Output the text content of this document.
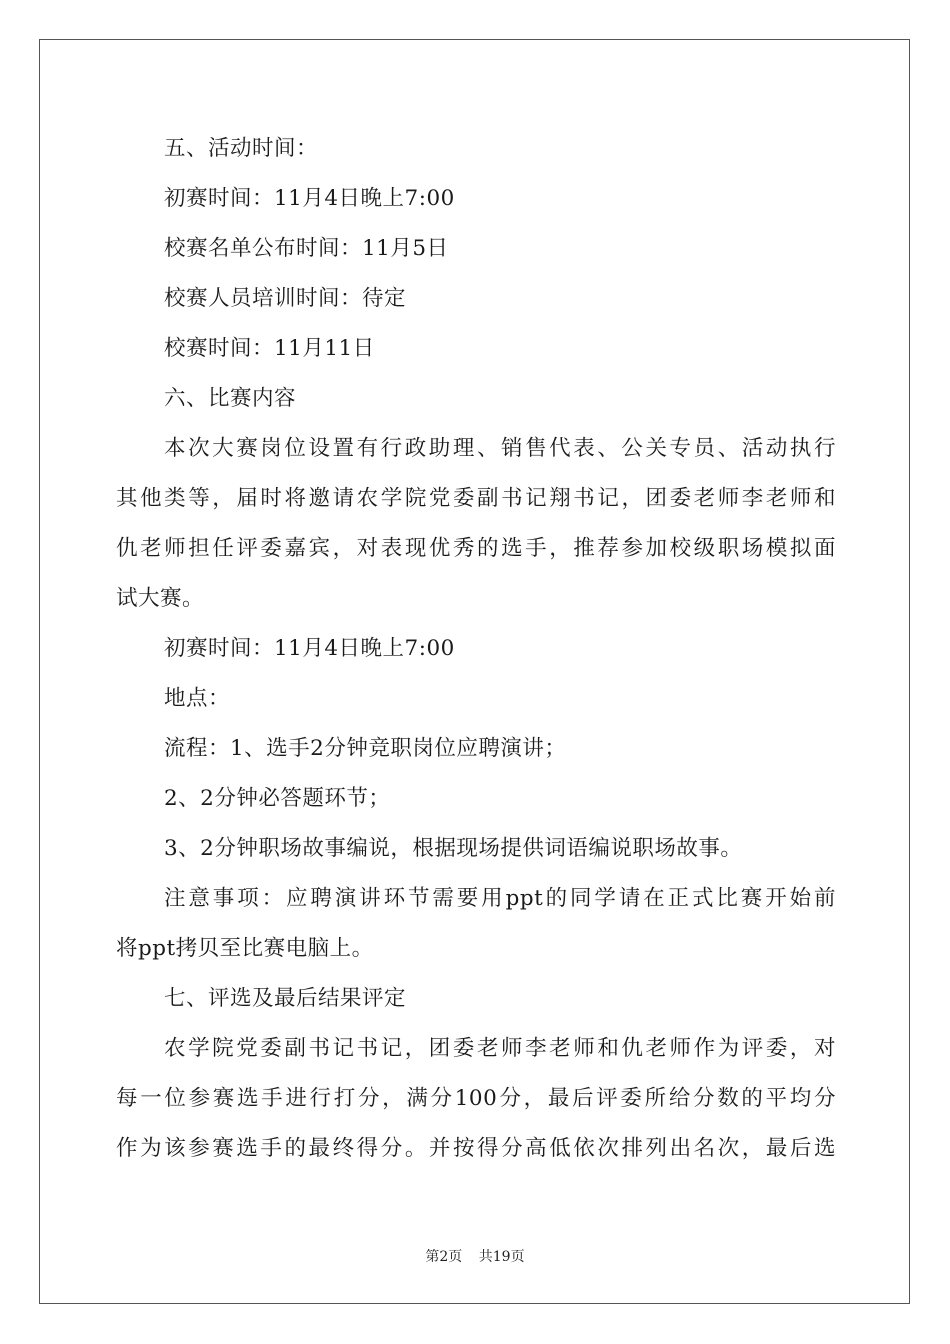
五、活动时间：
初赛时间：11月4日晚上7:00
校赛名单公布时间：11月5日
校赛人员培训时间：待定
校赛时间：11月11日
六、比赛内容
本次大赛岗位设置有行政助理、销售代表、公关专员、活动执行
其他类等，届时将邀请农学院党委副书记翔书记，团委老师李老师和
仇老师担任评委嘉宾，对表现优秀的选手，推荐参加校级职场模拟面
试大赛。
初赛时间：11月4日晚上7:00
地点：
流程：1、选手2分钟竞职岗位应聘演讲；
2、2分钟必答题环节；
3、2分钟职场故事编说，根据现场提供词语编说职场故事。
注意事项：应聘演讲环节需要用ppt的同学请在正式比赛开始前
将ppt拷贝至比赛电脑上。
七、评选及最后结果评定
农学院党委副书记书记，团委老师李老师和仇老师作为评委，对
每一位参赛选手进行打分，满分100分，最后评委所给分数的平均分
作为该参赛选手的最终得分。并按得分高低依次排列出名次，最后选
第2页 共19页
